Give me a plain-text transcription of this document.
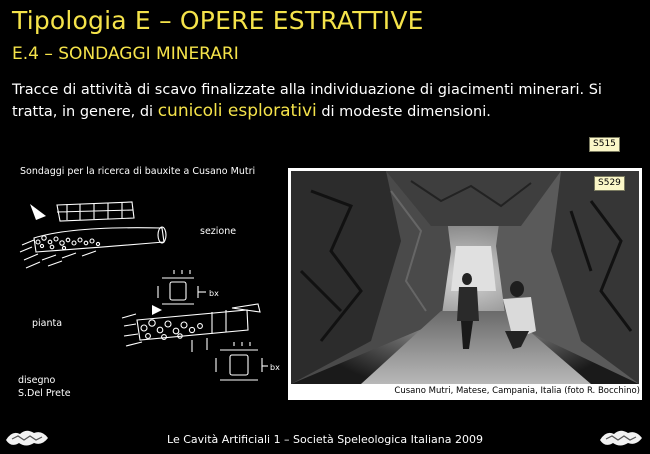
Tipologia E – OPERE ESTRATTIVE
E.4 – SONDAGGI MINERARI
Tracce di attività di scavo finalizzate alla individuazione di giacimenti minerari. Si tratta, in genere, di cunicoli esplorativi di modeste dimensioni.
S515
Sondaggi per la ricerca di bauxite a Cusano Mutri
bx
bx
sezione
pianta
disegno
S.Del Prete
S529
Cusano Mutri, Matese, Campania, Italia (foto R. Bocchino)
Le Cavità Artificiali 1 – Società Speleologica Italiana 2009
